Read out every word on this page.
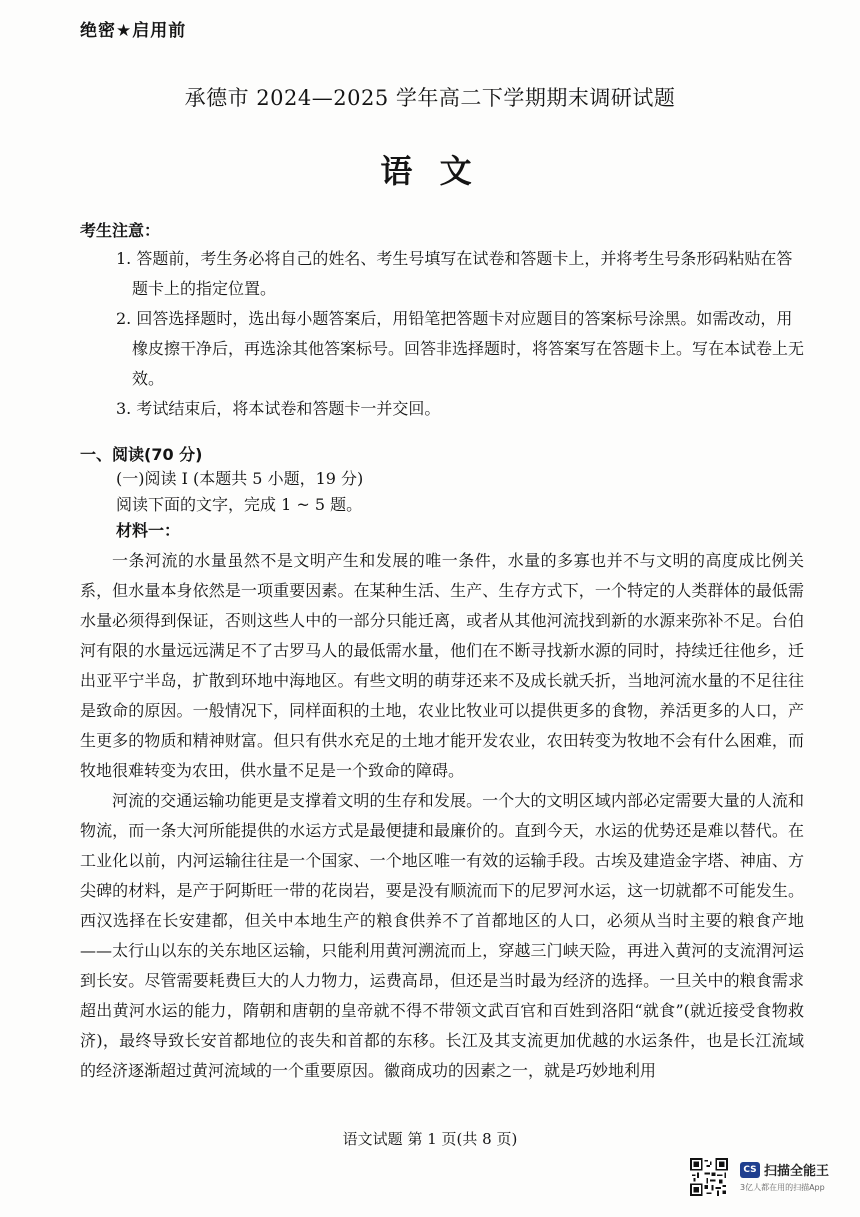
绝密★启用前
承德市 2024—2025 学年高二下学期期末调研试题
语 文
考生注意：
1. 答题前，考生务必将自己的姓名、考生号填写在试卷和答题卡上，并将考生号条形码粘贴在答题卡上的指定位置。
2. 回答选择题时，选出每小题答案后，用铅笔把答题卡对应题目的答案标号涂黑。如需改动，用橡皮擦干净后，再选涂其他答案标号。回答非选择题时，将答案写在答题卡上。写在本试卷上无效。
3. 考试结束后，将本试卷和答题卡一并交回。
一、阅读(70 分)
(一)阅读 I (本题共 5 小题，19 分)
阅读下面的文字，完成 1 ~ 5 题。
材料一：

一条河流的水量虽然不是文明产生和发展的唯一条件，水量的多寡也并不与文明的高度成比例关系，但水量本身依然是一项重要因素。在某种生活、生产、生存方式下，一个特定的人类群体的最低需水量必须得到保证，否则这些人中的一部分只能迁离，或者从其他河流找到新的水源来弥补不足。台伯河有限的水量远远满足不了古罗马人的最低需水量，他们在不断寻找新水源的同时，持续迁往他乡，迁出亚平宁半岛，扩散到环地中海地区。有些文明的萌芽还来不及成长就夭折，当地河流水量的不足往往是致命的原因。一般情况下，同样面积的土地，农业比牧业可以提供更多的食物，养活更多的人口，产生更多的物质和精神财富。但只有供水充足的土地才能开发农业，农田转变为牧地不会有什么困难，而牧地很难转变为农田，供水量不足是一个致命的障碍。

河流的交通运输功能更是支撑着文明的生存和发展。一个大的文明区域内部必定需要大量的人流和物流，而一条大河所能提供的水运方式是最便捷和最廉价的。直到今天，水运的优势还是难以替代。在工业化以前，内河运输往往是一个国家、一个地区唯一有效的运输手段。古埃及建造金字塔、神庙、方尖碑的材料，是产于阿斯旺一带的花岗岩，要是没有顺流而下的尼罗河水运，这一切就都不可能发生。西汉选择在长安建都，但关中本地生产的粮食供养不了首都地区的人口，必须从当时主要的粮食产地——太行山以东的关东地区运输，只能利用黄河溯流而上，穿越三门峡天险，再进入黄河的支流渭河运到长安。尽管需要耗费巨大的人力物力，运费高昂，但还是当时最为经济的选择。一旦关中的粮食需求超出黄河水运的能力，隋朝和唐朝的皇帝就不得不带领文武百官和百姓到洛阳“就食”(就近接受食物救济)，最终导致长安首都地位的丧失和首都的东移。长江及其支流更加优越的水运条件，也是长江流域的经济逐渐超过黄河流域的一个重要原因。徽商成功的因素之一，就是巧妙地利用

语文试题 第 1 页(共 8 页)
CS 扫描全能王
3亿人都在用的扫描App
